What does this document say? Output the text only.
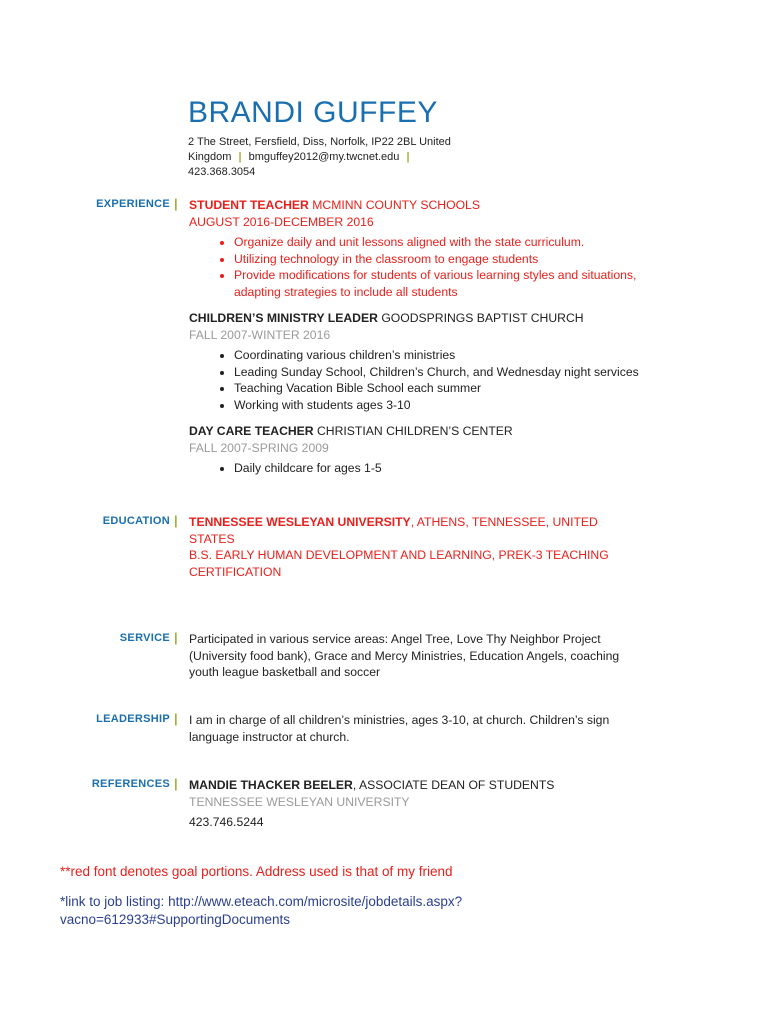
BRANDI GUFFEY
2 The Street, Fersfield, Diss, Norfolk, IP22 2BL United
Kingdom | bmguffey2012@my.twcnet.edu | 423.368.3054
EXPERIENCE | STUDENT TEACHER MCMINN COUNTY SCHOOLS
AUGUST 2016-DECEMBER 2016
• Organize daily and unit lessons aligned with the state curriculum.
• Utilizing technology in the classroom to engage students
• Provide modifications for students of various learning styles and situations, adapting strategies to include all students
CHILDREN’S MINISTRY LEADER GOODSPRINGS BAPTIST CHURCH
FALL 2007-WINTER 2016
• Coordinating various children’s ministries
• Leading Sunday School, Children’s Church, and Wednesday night services
• Teaching Vacation Bible School each summer
• Working with students ages 3-10
DAY CARE TEACHER CHRISTIAN CHILDREN’S CENTER
FALL 2007-SPRING 2009
• Daily childcare for ages 1-5
EDUCATION | TENNESSEE WESLEYAN UNIVERSITY, ATHENS, TENNESSEE, UNITED STATES
B.S. EARLY HUMAN DEVELOPMENT AND LEARNING, PREK-3 TEACHING CERTIFICATION
SERVICE | Participated in various service areas: Angel Tree, Love Thy Neighbor Project (University food bank), Grace and Mercy Ministries, Education Angels, coaching youth league basketball and soccer
LEADERSHIP | I am in charge of all children’s ministries, ages 3-10, at church. Children’s sign language instructor at church.
REFERENCES | MANDIE THACKER BEELER, ASSOCIATE DEAN OF STUDENTS
TENNESSEE WESLEYAN UNIVERSITY
423.746.5244
**red font denotes goal portions. Address used is that of my friend
*link to job listing: http://www.eteach.com/microsite/jobdetails.aspx?
vacno=612933#SupportingDocuments
